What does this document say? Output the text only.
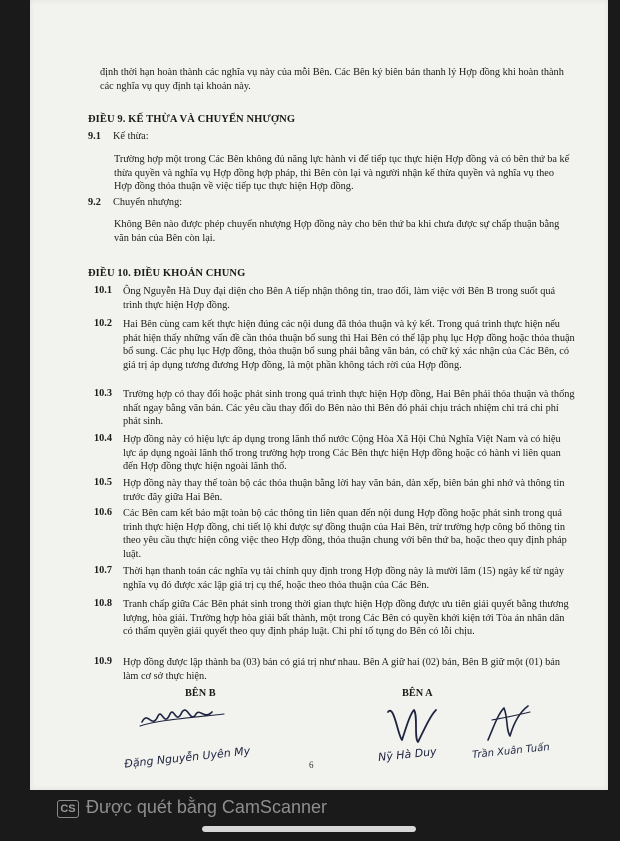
định thời hạn hoàn thành các nghĩa vụ này của mỗi Bên. Các Bên ký biên bản thanh lý Hợp đồng khi hoàn thành các nghĩa vụ quy định tại khoản này.
ĐIỀU 9. KẾ THỪA VÀ CHUYỂN NHƯỢNG
9.1 Kế thừa:
Trường hợp một trong Các Bên không đủ năng lực hành vi để tiếp tục thực hiện Hợp đồng và có bên thứ ba kế thừa quyền và nghĩa vụ Hợp đồng hợp pháp, thì Bên còn lại và người nhận kế thừa quyền và nghĩa vụ theo Hợp đồng thỏa thuận về việc tiếp tục thực hiện Hợp đồng.
9.2 Chuyển nhượng:
Không Bên nào được phép chuyển nhượng Hợp đồng này cho bên thứ ba khi chưa được sự chấp thuận bằng văn bản của Bên còn lại.
ĐIỀU 10. ĐIỀU KHOẢN CHUNG
10.1 Ông Nguyễn Hà Duy đại diện cho Bên A tiếp nhận thông tin, trao đổi, làm việc với Bên B trong suốt quá trình thực hiện Hợp đồng.
10.2 Hai Bên cùng cam kết thực hiện đúng các nội dung đã thỏa thuận và ký kết. Trong quá trình thực hiện nếu phát hiện thấy những vấn đề cần thỏa thuận bổ sung thì Hai Bên có thể lập phụ lục Hợp đồng hoặc thỏa thuận bổ sung. Các phụ lục Hợp đồng, thỏa thuận bổ sung phải bằng văn bản, có chữ ký xác nhận của Các Bên, có giá trị áp dụng tương đương Hợp đồng, là một phần không tách rời của Hợp đồng.
10.3 Trường hợp có thay đổi hoặc phát sinh trong quá trình thực hiện Hợp đồng, Hai Bên phải thỏa thuận và thống nhất ngay bằng văn bản. Các yêu cầu thay đổi do Bên nào thì Bên đó phải chịu trách nhiệm chi trả chi phí phát sinh.
10.4 Hợp đồng này có hiệu lực áp dụng trong lãnh thổ nước Cộng Hòa Xã Hội Chủ Nghĩa Việt Nam và có hiệu lực áp dụng ngoài lãnh thổ trong trường hợp trong Các Bên thực hiện Hợp đồng hoặc có hành vi liên quan đến Hợp đồng thực hiện ngoài lãnh thổ.
10.5 Hợp đồng này thay thế toàn bộ các thỏa thuận bằng lời hay văn bản, dàn xếp, biên bản ghi nhớ và thông tin trước đây giữa Hai Bên.
10.6 Các Bên cam kết bảo mật toàn bộ các thông tin liên quan đến nội dung Hợp đồng hoặc phát sinh trong quá trình thực hiện Hợp đồng, chi tiết lộ khi được sự đồng thuận của Hai Bên, trừ trường hợp công bố thông tin theo yêu cầu thực hiện công việc theo Hợp đồng, thỏa thuận chung với bên thứ ba, hoặc theo quy định pháp luật.
10.7 Thời hạn thanh toán các nghĩa vụ tài chính quy định trong Hợp đồng này là mười lăm (15) ngày kể từ ngày nghĩa vụ đó được xác lập giá trị cụ thể, hoặc theo thỏa thuận của Các Bên.
10.8 Tranh chấp giữa Các Bên phát sinh trong thời gian thực hiện Hợp đồng được ưu tiên giải quyết bằng thương lượng, hòa giải. Trường hợp hòa giải bất thành, một trong Các Bên có quyền khởi kiện tới Tòa án nhân dân có thẩm quyền giải quyết theo quy định pháp luật. Chi phí tố tụng do Bên có lỗi chịu.
10.9 Hợp đồng được lập thành ba (03) bản có giá trị như nhau. Bên A giữ hai (02) bản, Bên B giữ một (01) bản làm cơ sở thực hiện.
BÊN B	BÊN A
Đặng Nguyễn Uyên My	Nỹ Hà Duy	Trần Xuân Tuấn
6
CS Được quét bằng CamScanner
